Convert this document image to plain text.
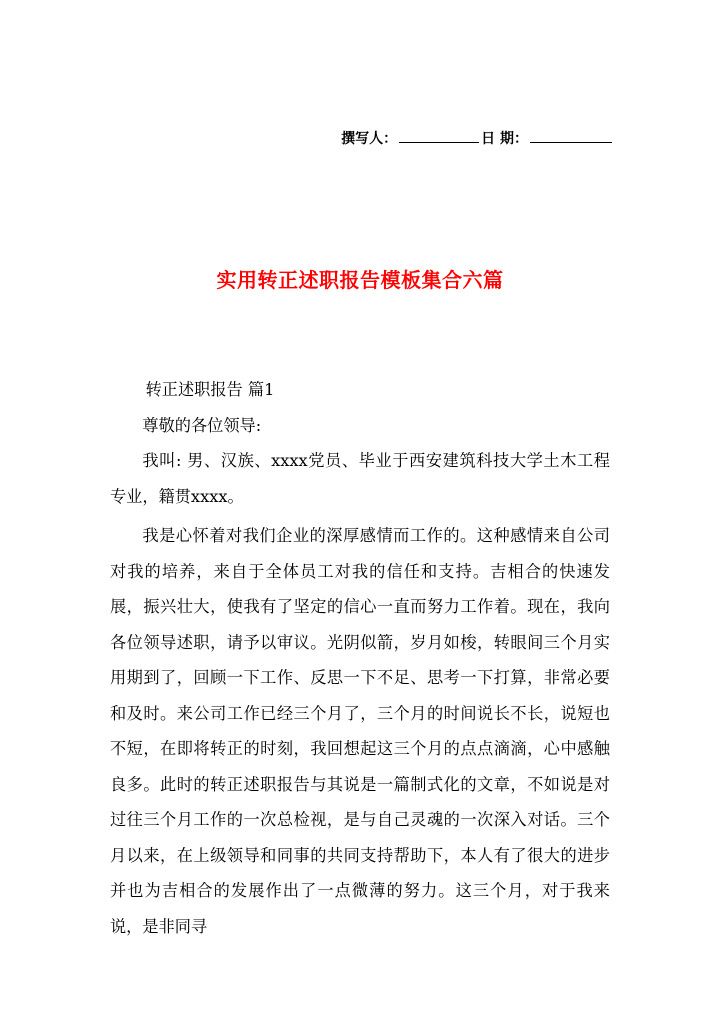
撰写人：	日 期：
实用转正述职报告模板集合六篇

转正述职报告 篇1

尊敬的各位领导:

我叫: 男、汉族、xxxx党员、毕业于西安建筑科技大学土木工程专业，籍贯xxxx。

我是心怀着对我们企业的深厚感情而工作的。这种感情来自公司对我的培养，来自于全体员工对我的信任和支持。吉相合的快速发展，振兴壮大，使我有了坚定的信心一直而努力工作着。现在，我向各位领导述职，请予以审议。光阴似箭，岁月如梭，转眼间三个月实用期到了，回顾一下工作、反思一下不足、思考一下打算，非常必要和及时。来公司工作已经三个月了，三个月的时间说长不长，说短也不短，在即将转正的时刻，我回想起这三个月的点点滴滴，心中感触良多。此时的转正述职报告与其说是一篇制式化的文章，不如说是对过往三个月工作的一次总检视，是与自己灵魂的一次深入对话。三个月以来，在上级领导和同事的共同支持帮助下，本人有了很大的进步并也为吉相合的发展作出了一点微薄的努力。这三个月，对于我来说，是非同寻
